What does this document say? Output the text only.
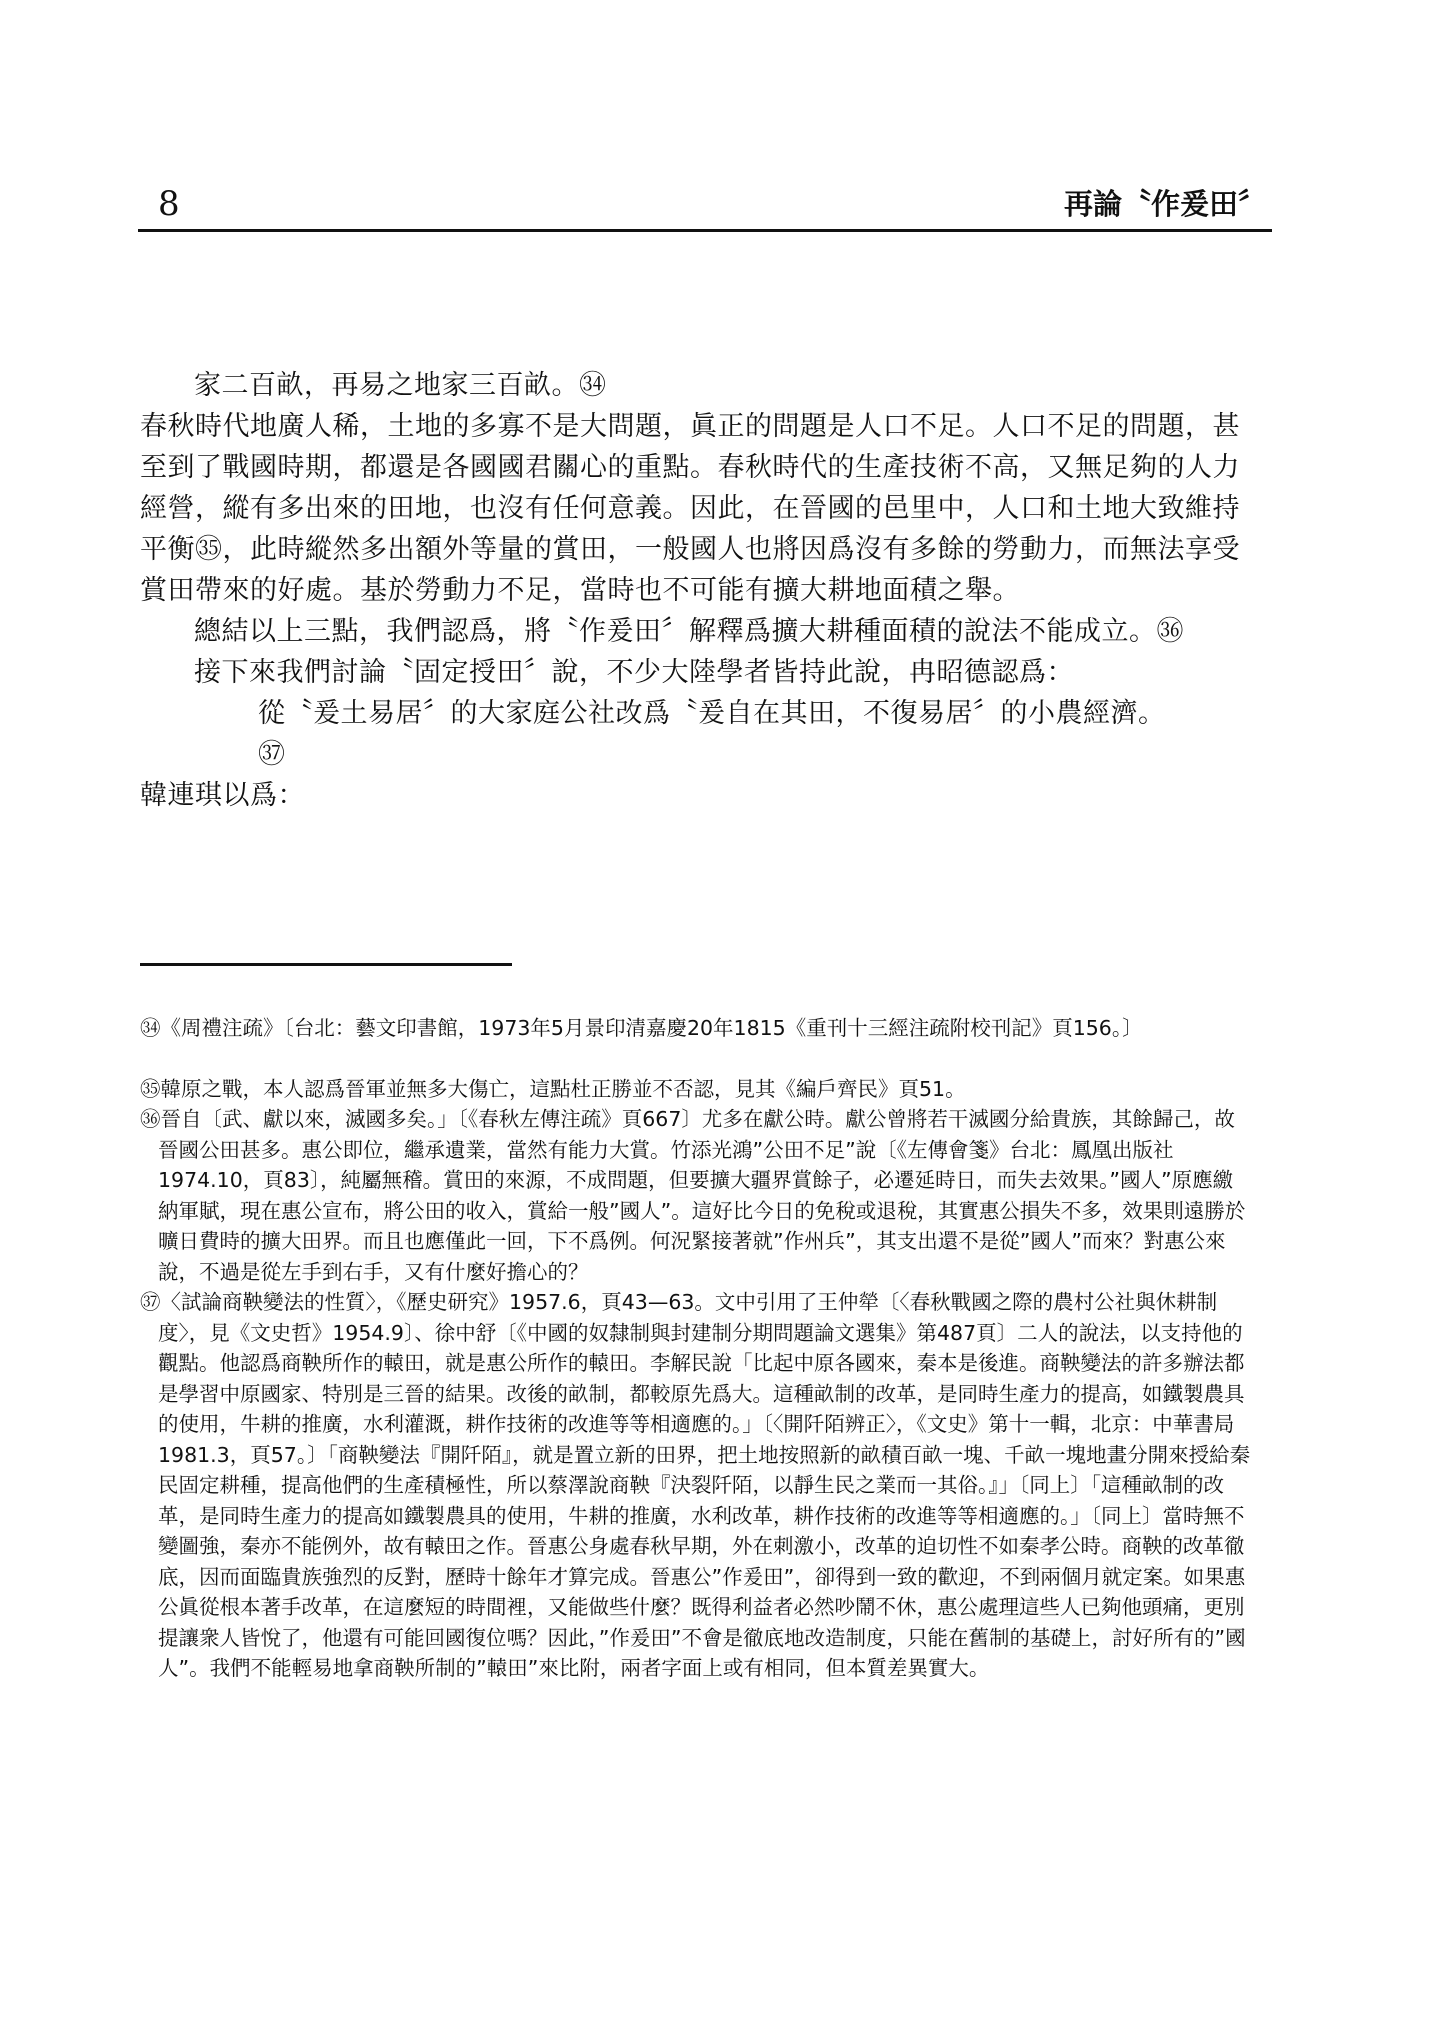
8	再論〝作爰田〞

家二百畝，再易之地家三百畝。㉞

春秋時代地廣人稀，土地的多寡不是大問題，眞正的問題是人口不足。人口不足的問題，甚至到了戰國時期，都還是各國國君關心的重點。春秋時代的生產技術不高，又無足夠的人力經營，縱有多出來的田地，也沒有任何意義。因此，在晉國的邑里中，人口和土地大致維持平衡㉟，此時縱然多出額外等量的賞田，一般國人也將因爲沒有多餘的勞動力，而無法享受賞田帶來的好處。基於勞動力不足，當時也不可能有擴大耕地面積之舉。

總結以上三點，我們認爲，將〝作爰田〞解釋爲擴大耕種面積的說法不能成立。㊱

接下來我們討論〝固定授田〞說，不少大陸學者皆持此說，冉昭德認爲：

從〝爰土易居〞的大家庭公社改爲〝爰自在其田，不復易居〞的小農經濟。

㊲

韓連琪以爲：

㉞《周禮注疏》〔台北：藝文印書館，1973年5月景印清嘉慶20年1815《重刊十三經注疏附校刊記》頁156。〕

㉟韓原之戰，本人認爲晉軍並無多大傷亡，這點杜正勝並不否認，見其《編戶齊民》頁51。

㊱晉自〔武、獻以來，滅國多矣。」〔《春秋左傳注疏》頁667〕尤多在獻公時。獻公曾將若干滅國分給貴族，其餘歸己，故晉國公田甚多。惠公即位，繼承遺業，當然有能力大賞。竹添光鴻”公田不足”說〔《左傳會箋》台北：鳳凰出版社1974.10，頁83〕，純屬無稽。賞田的來源，不成問題，但要擴大疆界賞餘子，必遷延時日，而失去效果。”國人”原應繳納軍賦，現在惠公宣布，將公田的收入，賞給一般”國人”。這好比今日的免稅或退稅，其實惠公損失不多，效果則遠勝於曠日費時的擴大田界。而且也應僅此一回，下不爲例。何況緊接著就”作州兵”，其支出還不是從”國人”而來？對惠公來說，不過是從左手到右手，又有什麼好擔心的？

㊲〈試論商鞅變法的性質〉，《歷史研究》1957.6，頁43—63。文中引用了王仲犖〔〈春秋戰國之際的農村公社與休耕制度〉，見《文史哲》1954.9〕、徐中舒〔《中國的奴隸制與封建制分期問題論文選集》第487頁〕二人的說法，以支持他的觀點。他認爲商鞅所作的轅田，就是惠公所作的轅田。李解民說「比起中原各國來，秦本是後進。商鞅變法的許多辦法都是學習中原國家、特別是三晉的結果。改後的畝制，都較原先爲大。這種畝制的改革，是同時生產力的提高，如鐵製農具的使用，牛耕的推廣，水利灌溉，耕作技術的改進等等相適應的。」〔〈開阡陌辨正〉，《文史》第十一輯，北京：中華書局1981.3，頁57。〕「商鞅變法『開阡陌』，就是置立新的田界，把土地按照新的畝積百畝一塊、千畝一塊地畫分開來授給秦民固定耕種，提高他們的生產積極性，所以蔡澤說商鞅『決裂阡陌，以靜生民之業而一其俗。』」〔同上〕「這種畝制的改革，是同時生產力的提高如鐵製農具的使用，牛耕的推廣，水利改革，耕作技術的改進等等相適應的。」〔同上〕當時無不變圖強，秦亦不能例外，故有轅田之作。晉惠公身處春秋早期，外在刺激小，改革的迫切性不如秦孝公時。商鞅的改革徹底，因而面臨貴族強烈的反對，歷時十餘年才算完成。晉惠公”作爰田”，卻得到一致的歡迎，不到兩個月就定案。如果惠公眞從根本著手改革，在這麼短的時間裡，又能做些什麼？既得利益者必然吵鬧不休，惠公處理這些人已夠他頭痛，更別提讓衆人皆悅了，他還有可能回國復位嗎？因此，”作爰田”不會是徹底地改造制度，只能在舊制的基礎上，討好所有的”國人”。我們不能輕易地拿商鞅所制的”轅田”來比附，兩者字面上或有相同，但本質差異實大。
